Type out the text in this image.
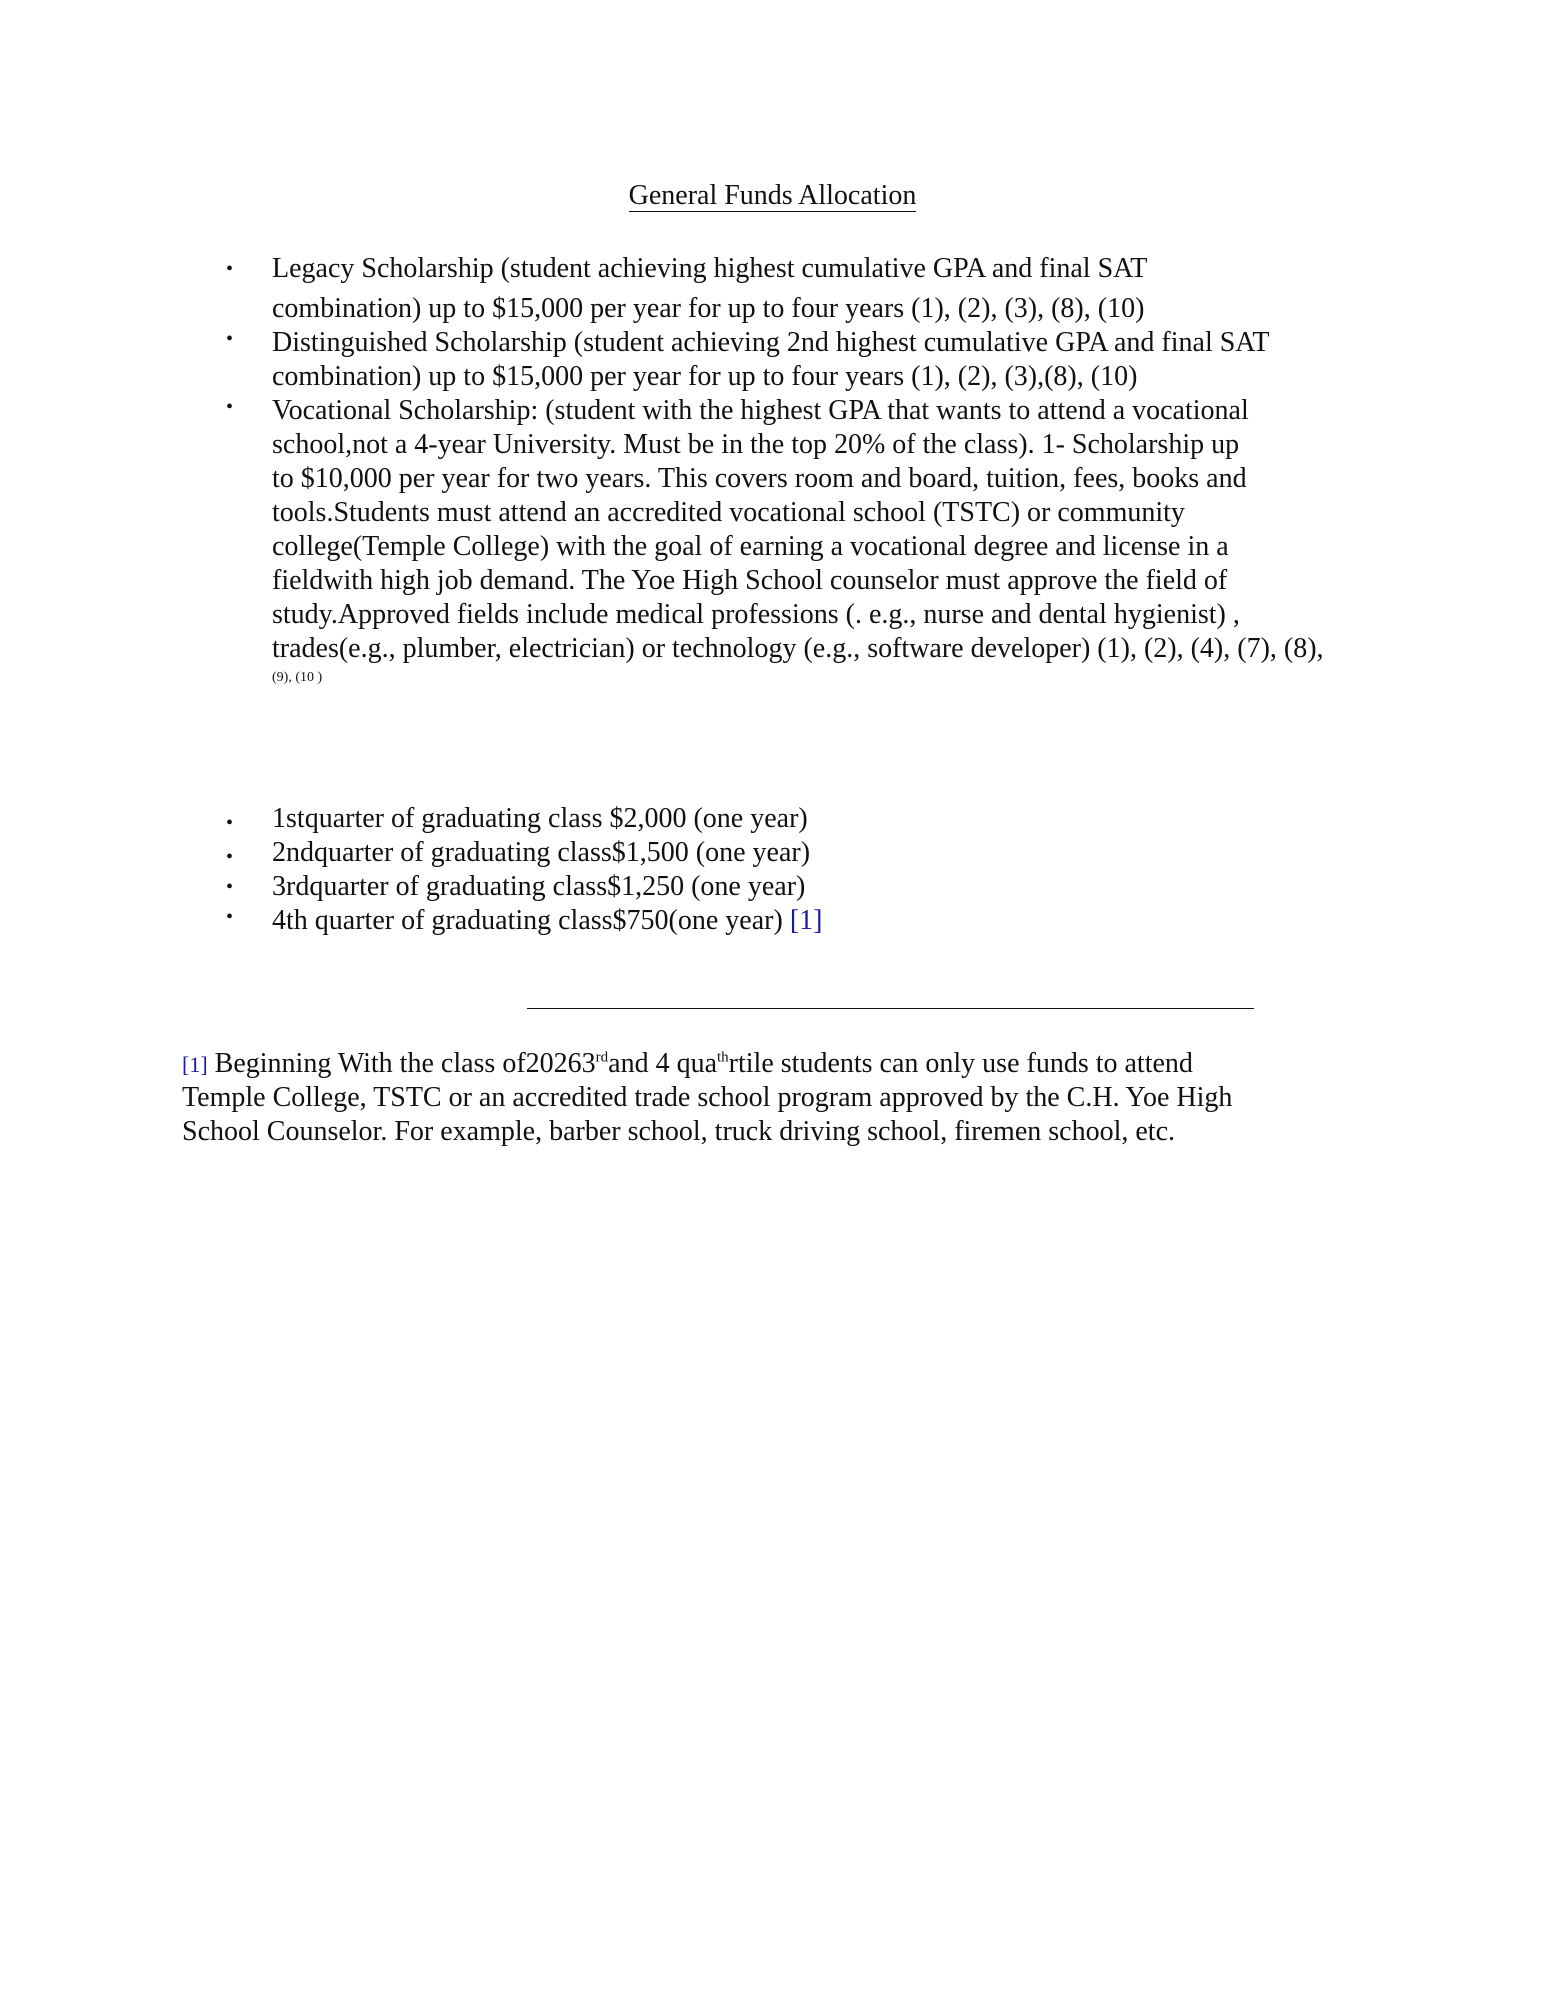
General Funds Allocation
• Legacy Scholarship (student achieving highest cumulative GPA and final SAT
combination) up to $15,000 per year for up to four years (1), (2), (3), (8), (10)
• Distinguished Scholarship (student achieving 2nd highest cumulative GPA and final SAT
combination) up to $15,000 per year for up to four years (1), (2), (3),(8), (10)
• Vocational Scholarship: (student with the highest GPA that wants to attend a vocational
school,not a 4-year University. Must be in the top 20% of the class). 1- Scholarship up
to $10,000 per year for two years. This covers room and board, tuition, fees, books and
tools.Students must attend an accredited vocational school (TSTC) or community
college(Temple College) with the goal of earning a vocational degree and license in a
fieldwith high job demand. The Yoe High School counselor must approve the field of
study.Approved fields include medical professions (. e.g., nurse and dental hygienist) ,
trades(e.g., plumber, electrician) or technology (e.g., software developer) (1), (2), (4), (7), (8),
(9), (10 )
• 1stquarter of graduating class $2,000 (one year)
• 2ndquarter of graduating class$1,500 (one year)
• 3rdquarter of graduating class$1,250 (one year)
• 4th quarter of graduating class$750(one year) [1]
[1] Beginning With the class of20263rdand 4 qua$^{th}$rtile students can only use funds to attend
Temple College, TSTC or an accredited trade school program approved by the C.H. Yoe High
School Counselor. For example, barber school, truck driving school, firemen school, etc.
